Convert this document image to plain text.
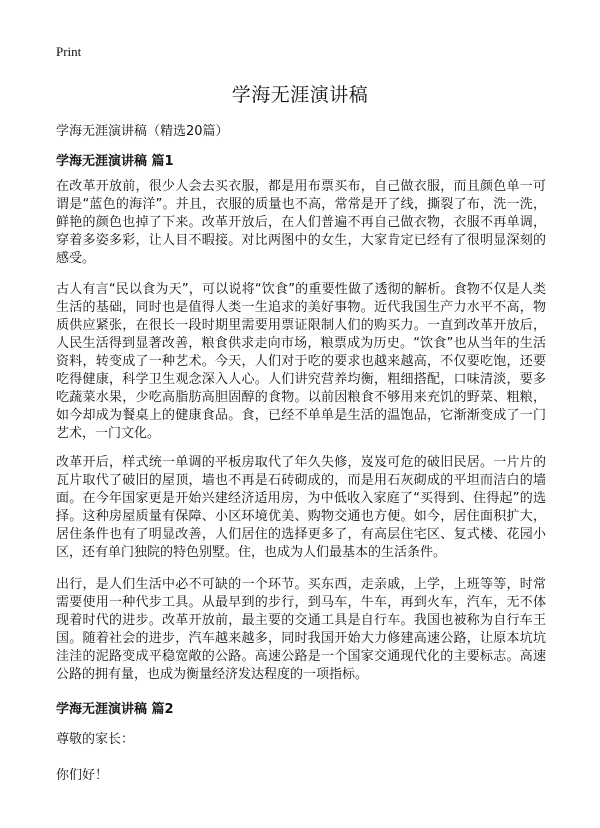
Print
学海无涯演讲稿
学海无涯演讲稿（精选20篇）
学海无涯演讲稿 篇1

在改革开放前，很少人会去买衣服，都是用布票买布，自己做衣服，而且颜色单一可谓是“蓝色的海洋”。并且，衣服的质量也不高，常常是开了线，撕裂了布，洗一洗，鲜艳的颜色也掉了下来。改革开放后，在人们普遍不再自己做衣物，衣服不再单调，穿着多姿多彩，让人目不暇接。对比两图中的女生，大家肯定已经有了很明显深刻的感受。

古人有言“民以食为天”，可以说将“饮食”的重要性做了透彻的解析。食物不仅是人类生活的基础，同时也是值得人类一生追求的美好事物。近代我国生产力水平不高，物质供应紧张，在很长一段时期里需要用票证限制人们的购买力。一直到改革开放后，人民生活得到显著改善，粮食供求走向市场，粮票成为历史。“饮食”也从当年的生活资料，转变成了一种艺术。今天，人们对于吃的要求也越来越高，不仅要吃饱，还要吃得健康，科学卫生观念深入人心。人们讲究营养均衡，粗细搭配，口味清淡，要多吃蔬菜水果，少吃高脂肪高胆固醇的食物。以前因粮食不够用来充饥的野菜、粗粮，如今却成为餐桌上的健康食品。食，已经不单单是生活的温饱品，它渐渐变成了一门艺术，一门文化。

改革开后，样式统一单调的平板房取代了年久失修，岌岌可危的破旧民居。一片片的瓦片取代了破旧的屋顶，墙也不再是石砖砌成的，而是用石灰砌成的平坦而洁白的墙面。在今年国家更是开始兴建经济适用房，为中低收入家庭了“买得到、住得起”的选择。这种房屋质量有保障、小区环境优美、购物交通也方便。如今，居住面积扩大，居住条件也有了明显改善，人们居住的选择更多了，有高层住宅区、复式楼、花园小区，还有单门独院的特色别墅。住，也成为人们最基本的生活条件。

出行，是人们生活中必不可缺的一个环节。买东西，走亲戚，上学，上班等等，时常需要使用一种代步工具。从最早到的步行，到马车，牛车，再到火车，汽车，无不体现着时代的进步。改革开放前，最主要的交通工具是自行车。我国也被称为自行车王国。随着社会的进步，汽车越来越多，同时我国开始大力修建高速公路，让原本坑坑洼洼的泥路变成平稳宽敞的公路。高速公路是一个国家交通现代化的主要标志。高速公路的拥有量，也成为衡量经济发达程度的一项指标。

学海无涯演讲稿 篇2

尊敬的家长：

你们好！
